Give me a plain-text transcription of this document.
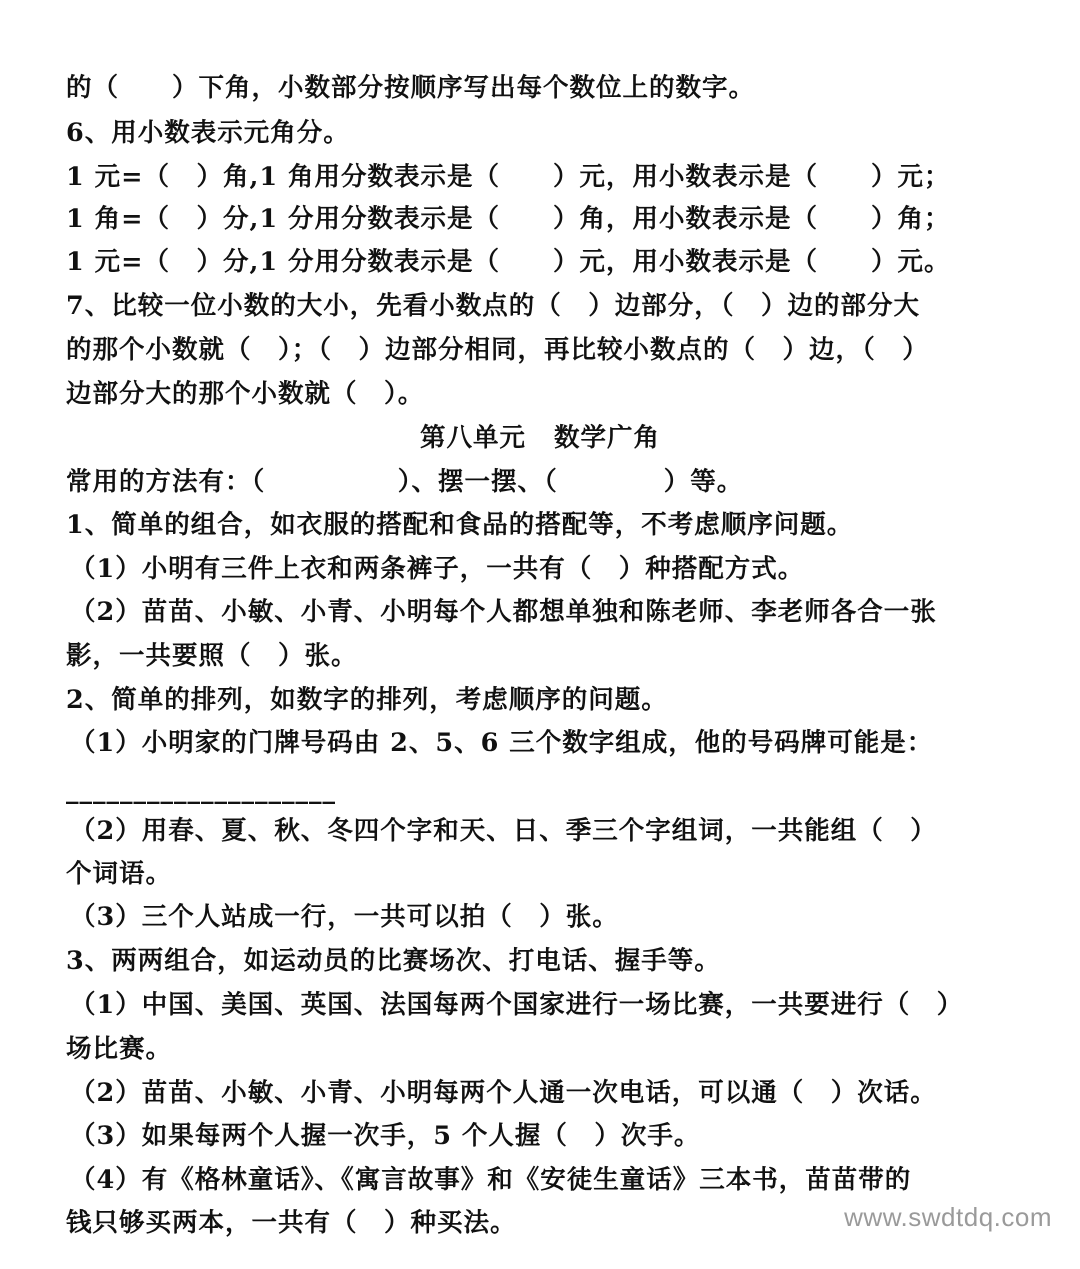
的（　　）下角，小数部分按顺序写出每个数位上的数字。
6、用小数表示元角分。
1 元=（　）角,1 角用分数表示是（　　）元，用小数表示是（　　）元；
1 角=（　）分,1 分用分数表示是（　　）角，用小数表示是（　　）角；
1 元=（　）分,1 分用分数表示是（　　）元，用小数表示是（　　）元。
7、比较一位小数的大小，先看小数点的（　）边部分，（　）边的部分大
的那个小数就（　）；（　）边部分相同，再比较小数点的（　）边，（　）
边部分大的那个小数就（　）。
第八单元 数学广角
常用的方法有：（　　　　　）、摆一摆、（　　　　）等。
1、简单的组合，如衣服的搭配和食品的搭配等，不考虑顺序问题。
（1）小明有三件上衣和两条裤子，一共有（　）种搭配方式。
（2）苗苗、小敏、小青、小明每个人都想单独和陈老师、李老师各合一张
影，一共要照（　）张。
2、简单的排列，如数字的排列，考虑顺序的问题。
（1）小明家的门牌号码由 2、5、6 三个数字组成，他的号码牌可能是：
____________________
（2）用春、夏、秋、冬四个字和天、日、季三个字组词，一共能组（　）
个词语。
（3）三个人站成一行，一共可以拍（　）张。
3、两两组合，如运动员的比赛场次、打电话、握手等。
（1）中国、美国、英国、法国每两个国家进行一场比赛，一共要进行（　）
场比赛。
（2）苗苗、小敏、小青、小明每两个人通一次电话，可以通（　）次话。
（3）如果每两个人握一次手，5 个人握（　）次手。
（4）有《格林童话》、《寓言故事》和《安徒生童话》三本书，苗苗带的
钱只够买两本，一共有（　）种买法。	www.swdtdq.com
